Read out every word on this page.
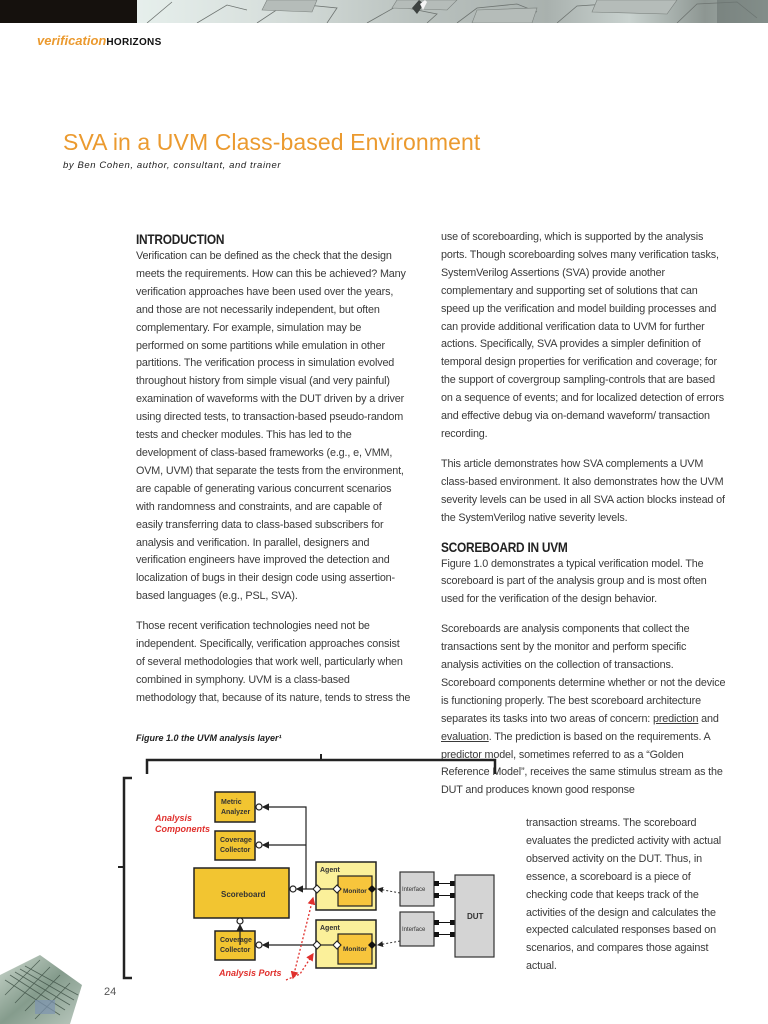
verificationHORIZONS
SVA in a UVM Class-based Environment
by Ben Cohen, author, consultant, and trainer
INTRODUCTION

Verification can be defined as the check that the design meets the requirements. How can this be achieved? Many verification approaches have been used over the years, and those are not necessarily independent, but often complementary. For example, simulation may be performed on some partitions while emulation in other partitions. The verification process in simulation evolved throughout history from simple visual (and very painful) examination of waveforms with the DUT driven by a driver using directed tests, to transaction-based pseudo-random tests and checker modules. This has led to the development of class-based frameworks (e.g., e, VMM, OVM, UVM) that separate the tests from the environment, are capable of generating various concurrent scenarios with randomness and constraints, and are capable of easily transferring data to class-based subscribers for analysis and verification. In parallel, designers and verification engineers have improved the detection and localization of bugs in their design code using assertion-based languages (e.g., PSL, SVA).

Those recent verification technologies need not be independent. Specifically, verification approaches consist of several methodologies that work well, particularly when combined in symphony. UVM is a class-based methodology that, because of its nature, tends to stress the

use of scoreboarding, which is supported by the analysis ports. Though scoreboarding solves many verification tasks, SystemVerilog Assertions (SVA) provide another complementary and supporting set of solutions that can speed up the verification and model building processes and can provide additional verification data to UVM for further actions. Specifically, SVA provides a simpler definition of temporal design properties for verification and coverage; for the support of covergroup sampling-controls that are based on a sequence of events; and for localized detection of errors and effective debug via on-demand waveform/ transaction recording.

This article demonstrates how SVA complements a UVM class-based environment. It also demonstrates how the UVM severity levels can be used in all SVA action blocks instead of the SystemVerilog native severity levels.

SCOREBOARD IN UVM

Figure 1.0 demonstrates a typical verification model. The scoreboard is part of the analysis group and is most often used for the verification of the design behavior.

Scoreboards are analysis components that collect the transactions sent by the monitor and perform specific analysis activities on the collection of transactions. Scoreboard components determine whether or not the device is functioning properly. The best scoreboard architecture separates its tasks into two areas of concern: prediction and evaluation. The prediction is based on the requirements. A predictor model, sometimes referred to as a “Golden Reference Model”, receives the same stimulus stream as the DUT and produces known good response

transaction streams. The scoreboard evaluates the predicted activity with actual observed activity on the DUT. Thus, in essence, a scoreboard is a piece of checking code that keeps track of the activities of the design and calculates the expected calculated responses based on scenarios, and compares those against actual.
Figure 1.0 the UVM analysis layer¹
Analysis
Components
Metric
Analyzer
Coverage
Collector
Scoreboard
Coverage
Collector
Agent
Monitor
Agent
Monitor
Interface
Interface
DUT
Analysis Ports
24
